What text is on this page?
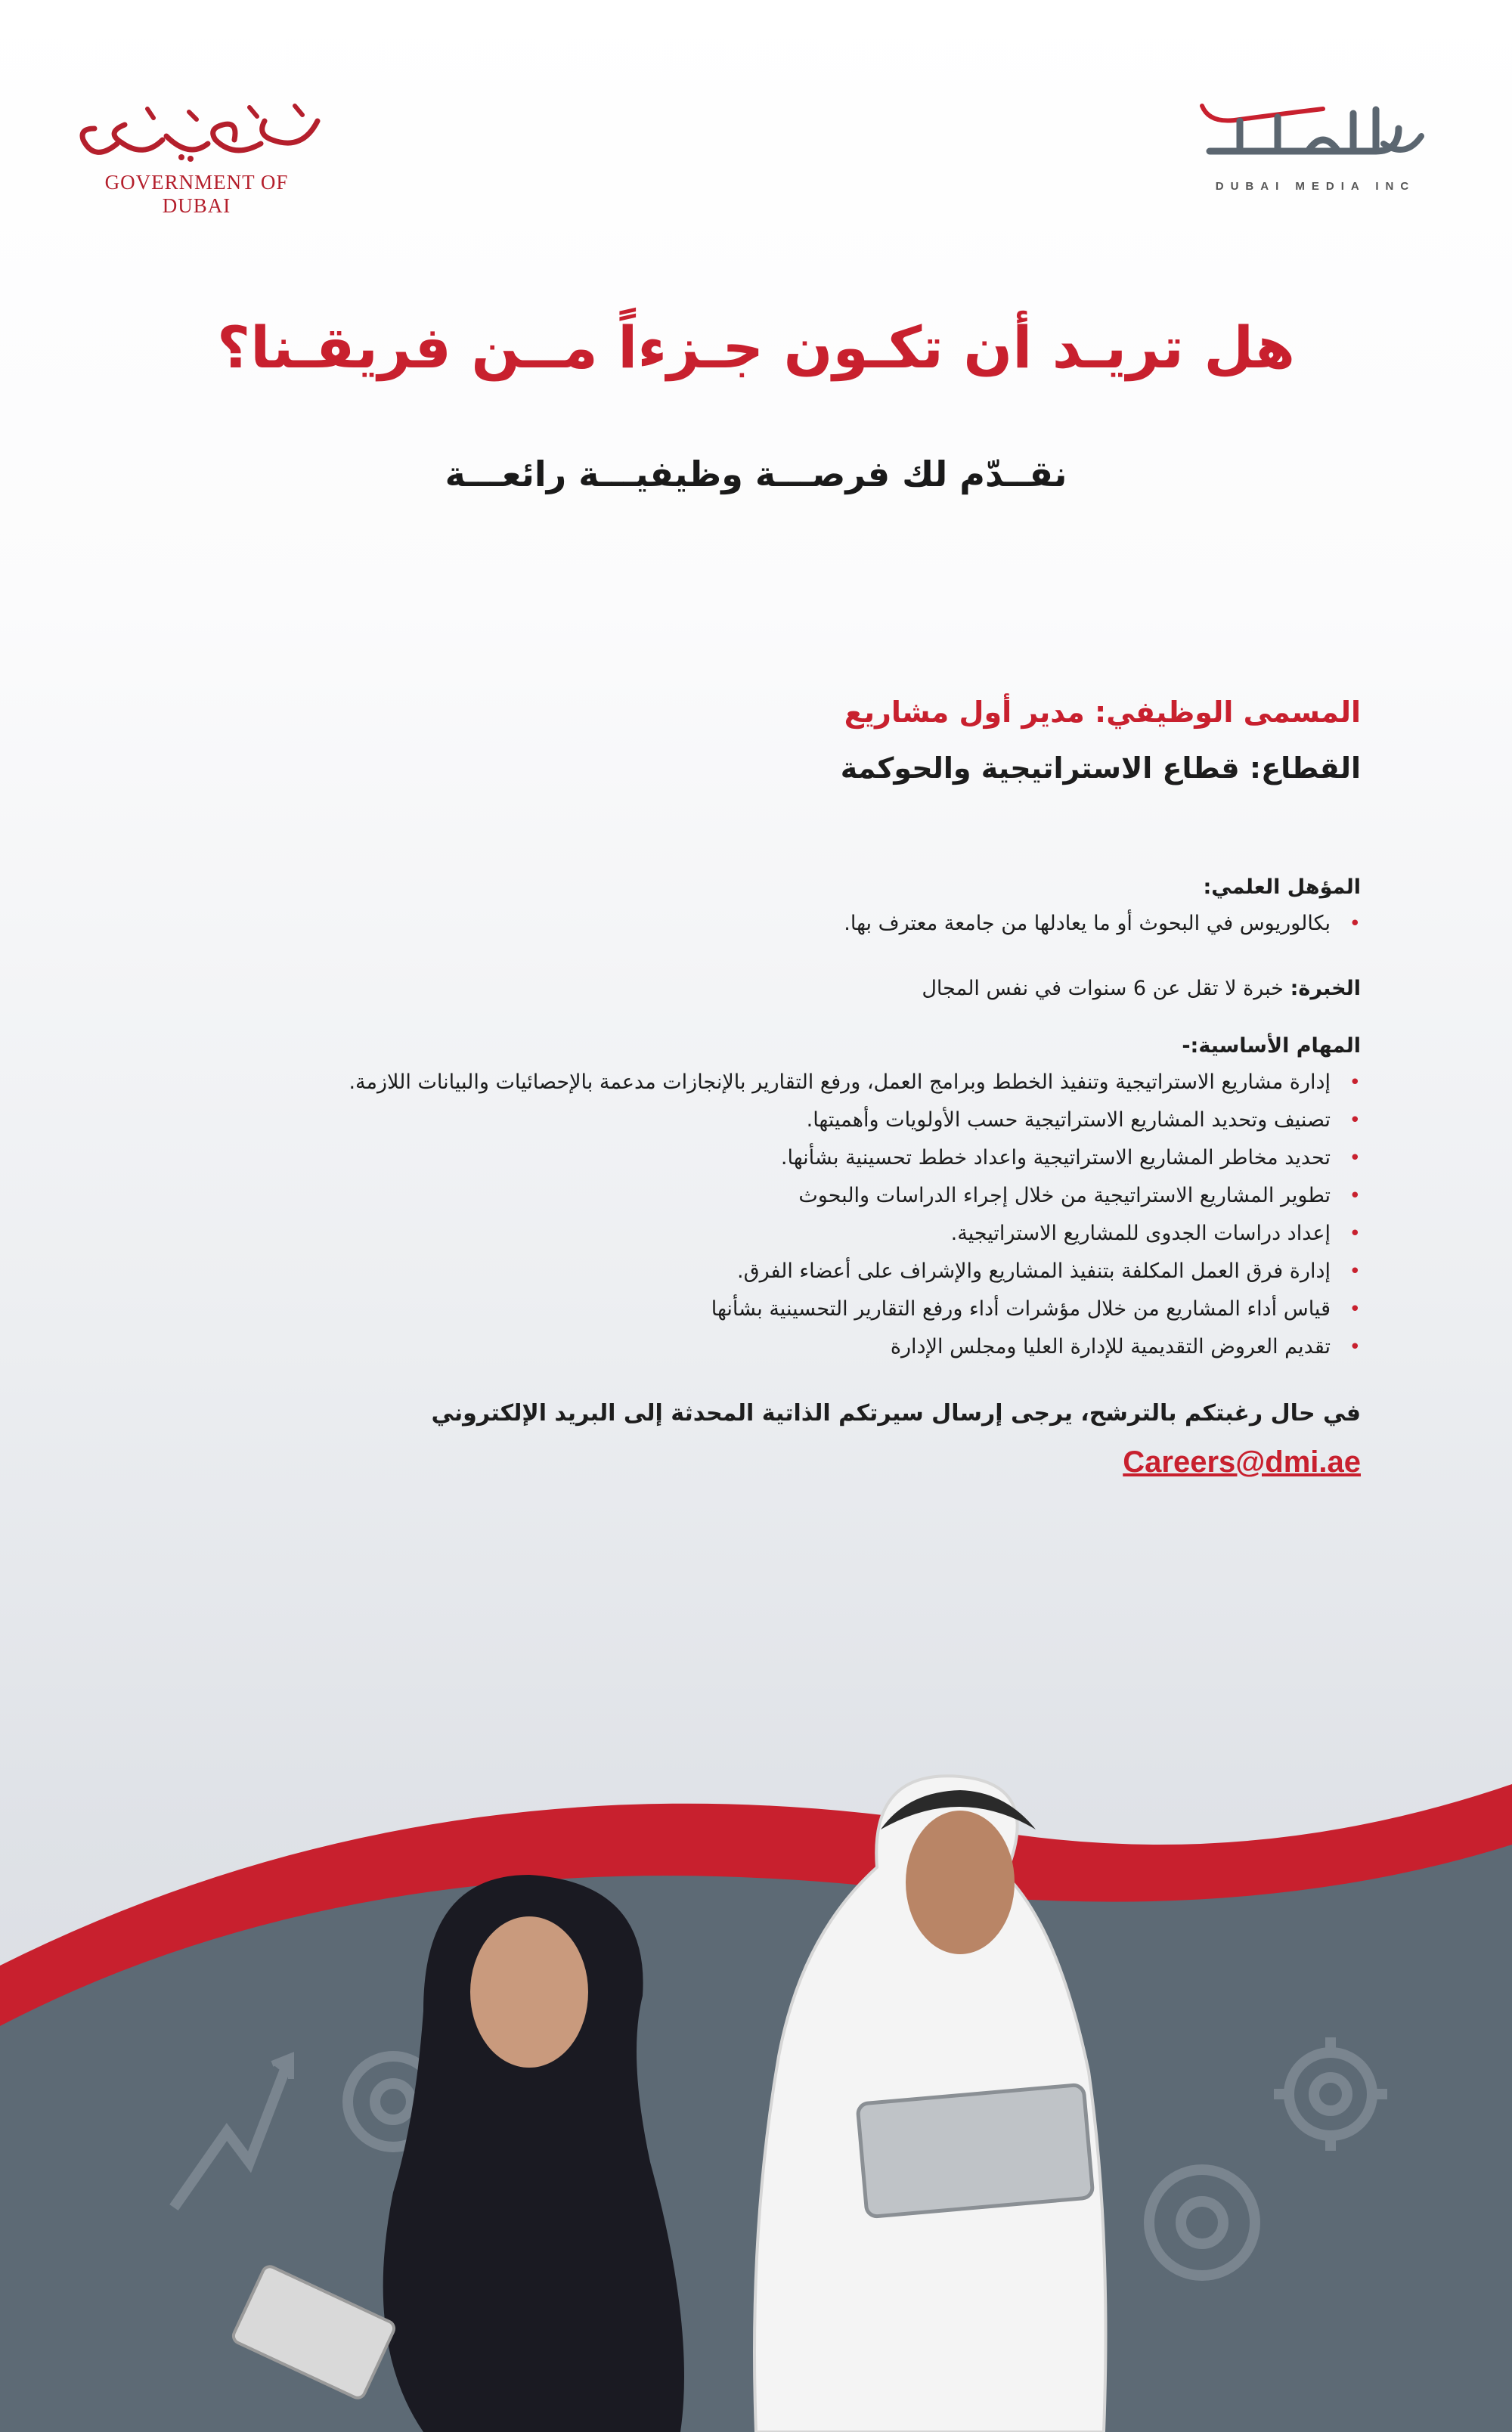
GOVERNMENT OF DUBAI
DUBAI MEDIA INC
هل تريـد أن تكـون جـزءاً مــن فريقـنا؟
نقــدّم لك فرصـــة وظيفيـــة رائعـــة
المسمى الوظيفي: مدير أول مشاريع
القطاع: قطاع الاستراتيجية والحوكمة
المؤهل العلمي:
•
بكالوريوس في البحوث أو ما يعادلها من جامعة معترف بها.
الخبرة: خبرة لا تقل عن 6 سنوات في نفس المجال
المهام الأساسية:-
•
إدارة مشاريع الاستراتيجية وتنفيذ الخطط وبرامج العمل، ورفع التقارير بالإنجازات مدعمة بالإحصائيات والبيانات اللازمة.
•
تصنيف وتحديد المشاريع الاستراتيجية حسب الأولويات وأهميتها.
•
تحديد مخاطر المشاريع الاستراتيجية واعداد خطط تحسينية بشأنها.
•
تطوير المشاريع الاستراتيجية من خلال إجراء الدراسات والبحوث
•
إعداد دراسات الجدوى للمشاريع الاستراتيجية.
•
إدارة فرق العمل المكلفة بتنفيذ المشاريع والإشراف على أعضاء الفرق.
•
قياس أداء المشاريع من خلال مؤشرات أداء ورفع التقارير التحسينية بشأنها
•
تقديم العروض التقديمية للإدارة العليا ومجلس الإدارة
في حال رغبتكم بالترشح، يرجى إرسال سيرتكم الذاتية المحدثة إلى البريد الإلكتروني
Careers@dmi.ae
